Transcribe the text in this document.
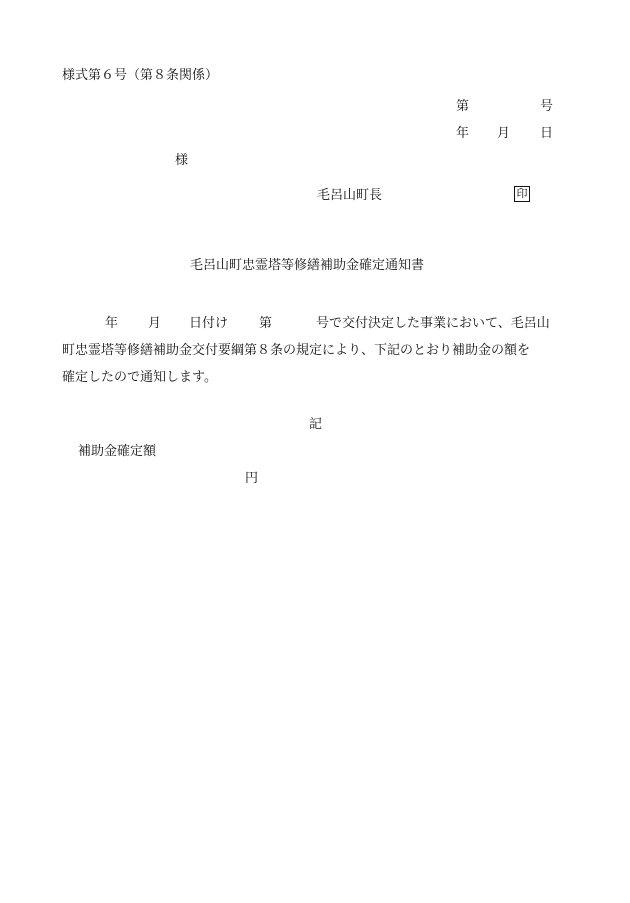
様式第６号（第８条関係）
第	号
年 月 日
様
毛呂山町長	印
毛呂山町忠霊塔等修繕補助金確定通知書
年 月 日付け 第	号で交付決定した事業において、毛呂山
町忠霊塔等修繕補助金交付要綱第８条の規定により、下記のとおり補助金の額を
確定したので通知します。
記
補助金確定額
円
